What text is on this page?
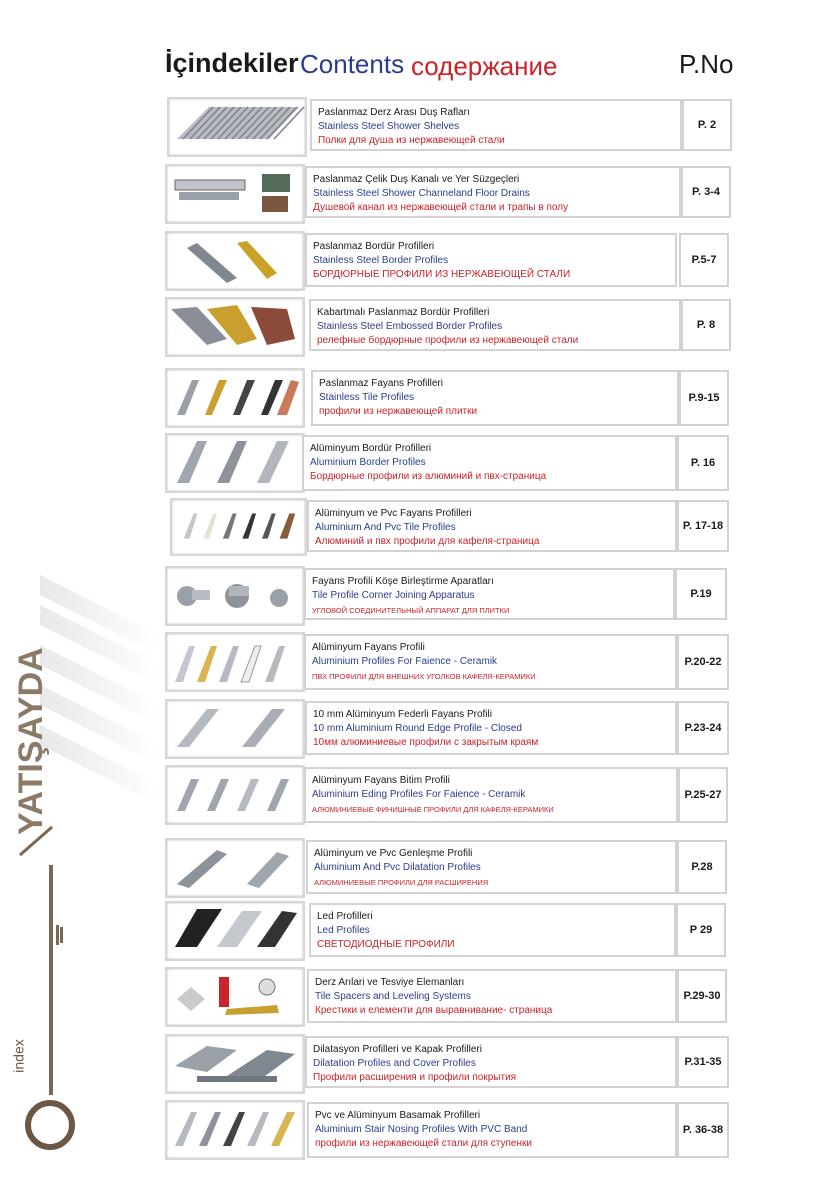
İçindekiler Contents содержание	P.No
Paslanmaz Derz Arası Duş Rafları
Stainless Steel Shower Shelves
Полки для душа из нержавеющей стали
P. 2
Paslanmaz Çelik Duş Kanalı ve Yer Süzgeçleri
Stainless Steel Shower Channeland Floor Drains
Душевой канал из нержавеющей стали и трапы в полу
P. 3-4
Paslanmaz Bordür Profilleri
Stainless Steel Border Profiles
БОРДЮРНЫЕ ПРОФИЛИ ИЗ НЕРЖАВЕЮЩЕЙ СТАЛИ
P.5-7
Kabartmalı Paslanmaz Bordür Profilleri
Stainless Steel Embossed Border Profiles
релефные бордюрные профили из нержавеющей стали
P. 8
Paslanmaz Fayans Profilleri
Stainless Tile Profiles
профили из нержавеющей плитки
P.9-15
Alüminyum Bordür Profilleri
Aluminium Border Profiles
Бордюрные профили из алюминий и пвх-страница
P. 16
Alüminyum ve Pvc Fayans Profilleri
Aluminium And Pvc Tile Profiles
Алюминий и пвх профили для кафеля-страница
P. 17-18
Fayans Profili Köşe Birleştirme Aparatları
Tile Profile Corner Joining Apparatus
УГЛОВОЙ СОЕДИНИТЕЛЬНЫЙ АППАРАТ ДЛЯ ПЛИТКИ
P.19
Alüminyum Fayans Profili
Aluminium Profiles For Faience - Ceramik
ПВХ ПРОФИЛИ ДЛЯ ВНЕШНИХ УГОЛКОВ КАФЕЛЯ-КЕРАМИКИ
P.20-22
10 mm Alüminyum Federli Fayans Profili
10 mm Aluminium Round Edge Profile - Closed
10мм алюминиевые профили с закрытым краям
P.23-24
Alüminyum Fayans Bitim Profili
Aluminium Eding Profiles For Faience - Ceramik
АЛЮМИНИЕВЫЕ ФИНИШНЫЕ ПРОФИЛИ ДЛЯ КАФЕЛЯ-КЕРАМИКИ
P.25-27
Alüminyum ve Pvc Genleşme Profili
Aluminium And Pvc Dilatation Profiles
АЛЮМИНИЕВЫЕ ПРОФИЛИ ДЛЯ РАСШИРЕНИЯ
P.28
Led Profilleri
Led Profiles
СВЕТОДИОДНЫЕ ПРОФИЛИ
P 29
Derz Arılari ve Tesviye Elemanları
Tile Spacers and Leveling Systems
Крестики и елементи для выравнивание- страница
P.29-30
Dilatasyon Profilleri ve Kapak Profilleri
Dilatation Profiles and Cover Profiles
Профили расширения и профили покрытия
P.31-35
Pvc ve Alüminyum Basamak Profilleri
Aluminium Stair Nosing Profiles With PVC Band
профили из нержавеющей стали для ступенки
P. 36-38
YATIŞAYDA
index
